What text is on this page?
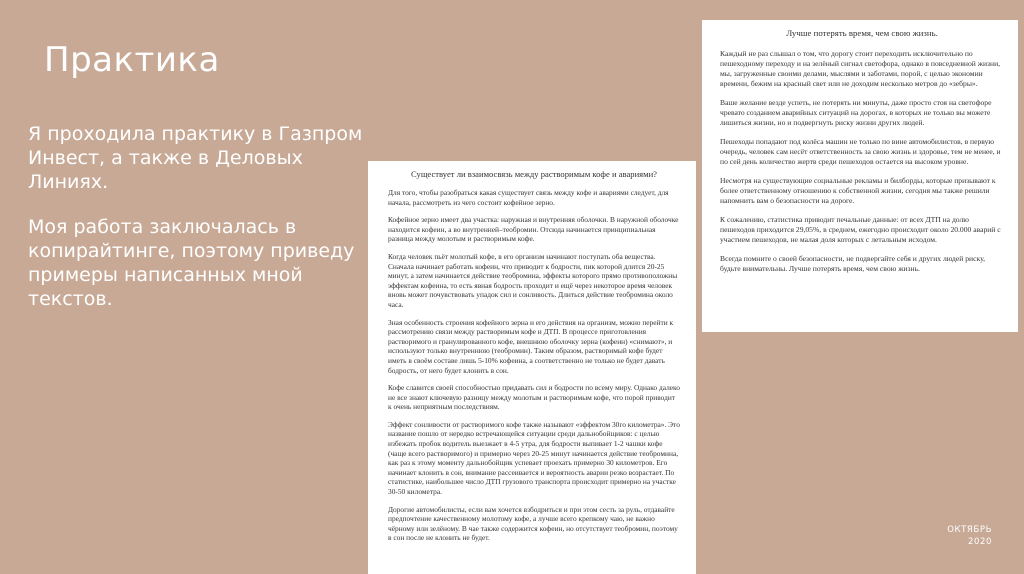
Практика

Я проходила практику в Газпром Инвест, а также в Деловых Линиях.

Моя работа заключалась в копирайтинге, поэтому приведу примеры написанных мной текстов.

Существует ли взаимосвязь между растворимым кофе и авариями?

Для того, чтобы разобраться какая существует связь между кофе и авариями следует, для начала, рассмотреть из чего состоит кофейное зерно.

Кофейное зерно имеет два участка: наружная и внутренняя оболочки. В наружной оболочке находится кофеин, а во внутренней–теобромин. Отсюда начинается принципиальная разница между молотым и растворимым кофе.

Когда человек пьёт молотый кофе, в его организм начинают поступать оба вещества. Сначала начинает работать кофеин, что приводит к бодрости, пик которой длится 20-25 минут, а затем начинается действие теобромина, эффекты которого прямо противоположны эффектам кофеина, то есть явная бодрость проходит и ещё через некоторое время человек вновь может почувствовать упадок сил и сонливость. Длиться действие теобромина около часа.

Зная особенность строения кофейного зерна и его действия на организм, можно перейти к рассмотрению связи между растворимым кофе и ДТП. В процессе приготовления растворимого и гранулированного кофе, внешнюю оболочку зерна (кофеин) «снимают», и используют только внутреннюю (теобромин). Таким образом, растворимый кофе будет иметь в своём составе лишь 5-10% кофеина, а соответственно не только не будет давать бодрость, от него будет клонить в сон.

Кофе славится своей способностью придавать сил и бодрости по всему миру. Однако далеко не все знают ключевую разницу между молотым и растворимым кофе, что порой приводит к очень неприятным последствиям.

Эффект сонливости от растворимого кофе также называют «эффектом 30го километра». Это название пошло от нередко встречающейся ситуации среди дальнобойщиков: с целью избежать пробок водитель выезжает в 4-5 утра, для бодрости выпивает 1-2 чашки кофе (чаще всего растворимого) и примерно через 20-25 минут начинается действие теобромина, как раз к этому моменту дальнобойщик успевает проехать примерно 30 километров. Его начинает клонить в сон, внимание рассеивается и вероятность аварии резко возрастает. По статистике, наибольшее число ДТП грузового транспорта происходит примерно на участке 30-50 километра.

Дорогие автомобилисты, если вам хочется взбодриться и при этом сесть за руль, отдавайте предпочтение качественному молотому кофе, а лучше всего крепкому чаю, не важно чёрному или зелёному. В чае также содержится кофеин, но отсутствует теобромин, поэтому в сон после не клонить не будет.

Лучше потерять время, чем свою жизнь.

Каждый не раз слышал о том, что дорогу стоит переходить исключительно по пешеходному переходу и на зелёный сигнал светофора, однако в повседневной жизни, мы, загруженные своими делами, мыслями и заботами, порой, с целью экономии времени, бежим на красный свет или не доходим несколько метров до «зебры».

Ваше желание везде успеть, не потерять ни минуты, даже просто стоя на светофоре чревато созданием аварийных ситуаций на дорогах, в которых не только вы можете лишиться жизни, но и подвергнуть риску жизни других людей.

Пешеходы попадают под колёса машин не только по вине автомобилистов, в первую очередь, человек сам несёт ответственность за свою жизнь и здоровье, тем не менее, и по сей день количество жертв среди пешеходов остается на высоком уровне.

Несмотря на существующие социальные рекламы и билборды, которые призывают к более ответственному отношению к собственной жизни, сегодня мы также решили напомнить вам о безопасности на дороге.

К сожалению, статистика приводит печальные данные: от всех ДТП на долю пешеходов приходится 29,05%, в среднем, ежегодно происходит около 20.000 аварий с участием пешеходов, не малая доля которых с летальным исходом.

Всегда помните о своей безопасности, не подвергайте себя и других людей риску, будьте внимательны. Лучше потерять время, чем свою жизнь.

ОКТЯБРЬ
2020
